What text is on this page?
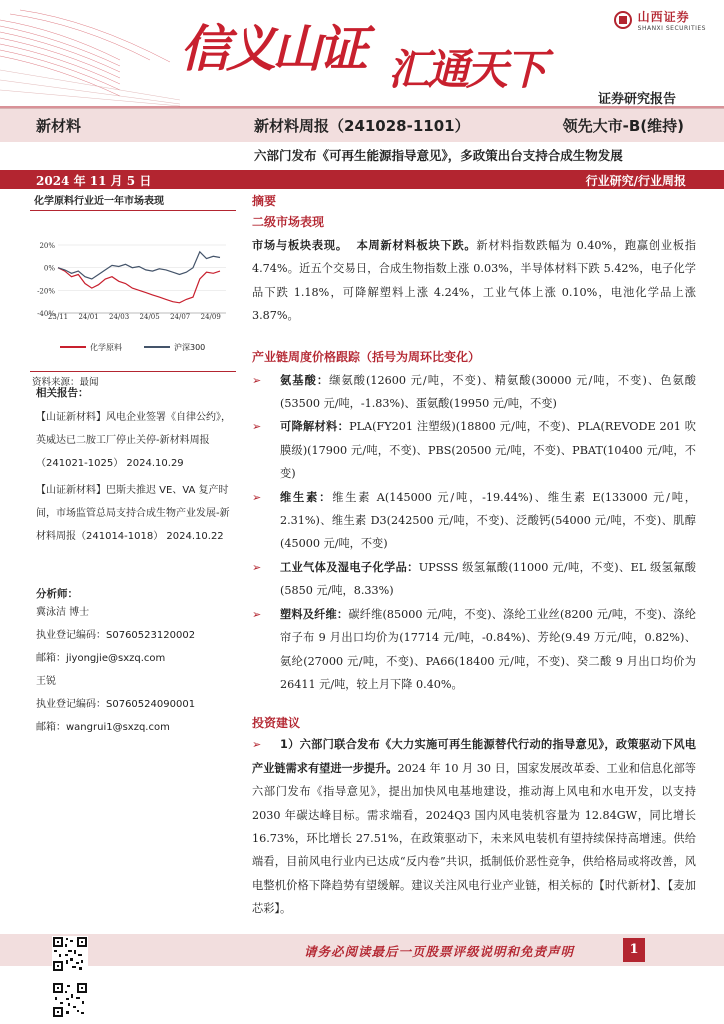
信义山证 汇通天下
山西证券
SHANXI SECURITIES
证券研究报告
新材料	新材料周报（241028-1101）	领先大市-B(维持)
六部门发布《可再生能源指导意见》，多政策出台支持合成生物发展
2024 年 11 月 5 日	行业研究/行业周报
化学原料行业近一年市场表现
20%
0%
-20%
-40%
23/11 24/01 24/03 24/05 24/07 24/09
化学原料	沪深300
资料来源：最闻
相关报告：
【山证新材料】风电企业签署《自律公约》，英威达已二胺工厂停止关停-新材料周报（241021-1025） 2024.10.29
【山证新材料】巴斯夫推迟 VE、VA 复产时间，市场监管总局支持合成生物产业发展-新材料周报（241014-1018） 2024.10.22
分析师：
冀泳洁 博士
执业登记编码：S0760523120002
邮箱：jiyongjie@sxzq.com
王锐
执业登记编码：S0760524090001
邮箱：wangrui1@sxzq.com
摘要
二级市场表现
市场与板块表现。 本周新材料板块下跌。新材料指数跌幅为 0.40%，跑赢创业板指 4.74%。近五个交易日，合成生物指数上涨 0.03%，半导体材料下跌 5.42%，电子化学品下跌 1.18%，可降解塑料上涨 4.24%，工业气体上涨 0.10%，电池化学品上涨 3.87%。
产业链周度价格跟踪（括号为周环比变化）
➢ 氨基酸：缬氨酸(12600 元/吨，不变)、精氨酸(30000 元/吨，不变)、色氨酸(53500 元/吨，-1.83%)、蛋氨酸(19950 元/吨，不变)
➢ 可降解材料：PLA(FY201 注塑级)(18800 元/吨，不变)、PLA(REVODE 201 吹膜级)(17900 元/吨，不变)、PBS(20500 元/吨，不变)、PBAT(10400 元/吨，不变)
➢ 维生素：维生素 A(145000 元/吨，-19.44%)、维生素 E(133000 元/吨，2.31%)、维生素 D3(242500 元/吨，不变)、泛酸钙(54000 元/吨，不变)、肌醇(45000 元/吨，不变)
➢ 工业气体及湿电子化学品：UPSSS 级氢氟酸(11000 元/吨，不变)、EL 级氢氟酸(5850 元/吨，8.33%)
➢ 塑料及纤维：碳纤维(85000 元/吨，不变)、涤纶工业丝(8200 元/吨，不变)、涤纶帘子布 9 月出口均价为(17714 元/吨，-0.84%)、芳纶(9.49 万元/吨，0.82%)、氨纶(27000 元/吨，不变)、PA66(18400 元/吨，不变)、癸二酸 9 月出口均价为 26411 元/吨，较上月下降 0.40%。
投资建议
➢ 1）六部门联合发布《大力实施可再生能源替代行动的指导意见》，政策驱动下风电产业链需求有望进一步提升。2024 年 10 月 30 日，国家发展改革委、工业和信息化部等六部门发布《指导意见》，提出加快风电基地建设，推动海上风电和水电开发，以支持 2030 年碳达峰目标。需求端看，2024Q3 国内风电装机容量为 12.84GW，同比增长 16.73%，环比增长 27.51%，在政策驱动下，未来风电装机有望持续保持高增速。供给端看，目前风电行业内已达成“反内卷”共识，抵制低价恶性竞争，供给格局或将改善，风电整机价格下降趋势有望缓解。建议关注风电行业产业链，相关标的【时代新材】、【麦加芯彩】。
请务必阅读最后一页股票评级说明和免责声明	1
